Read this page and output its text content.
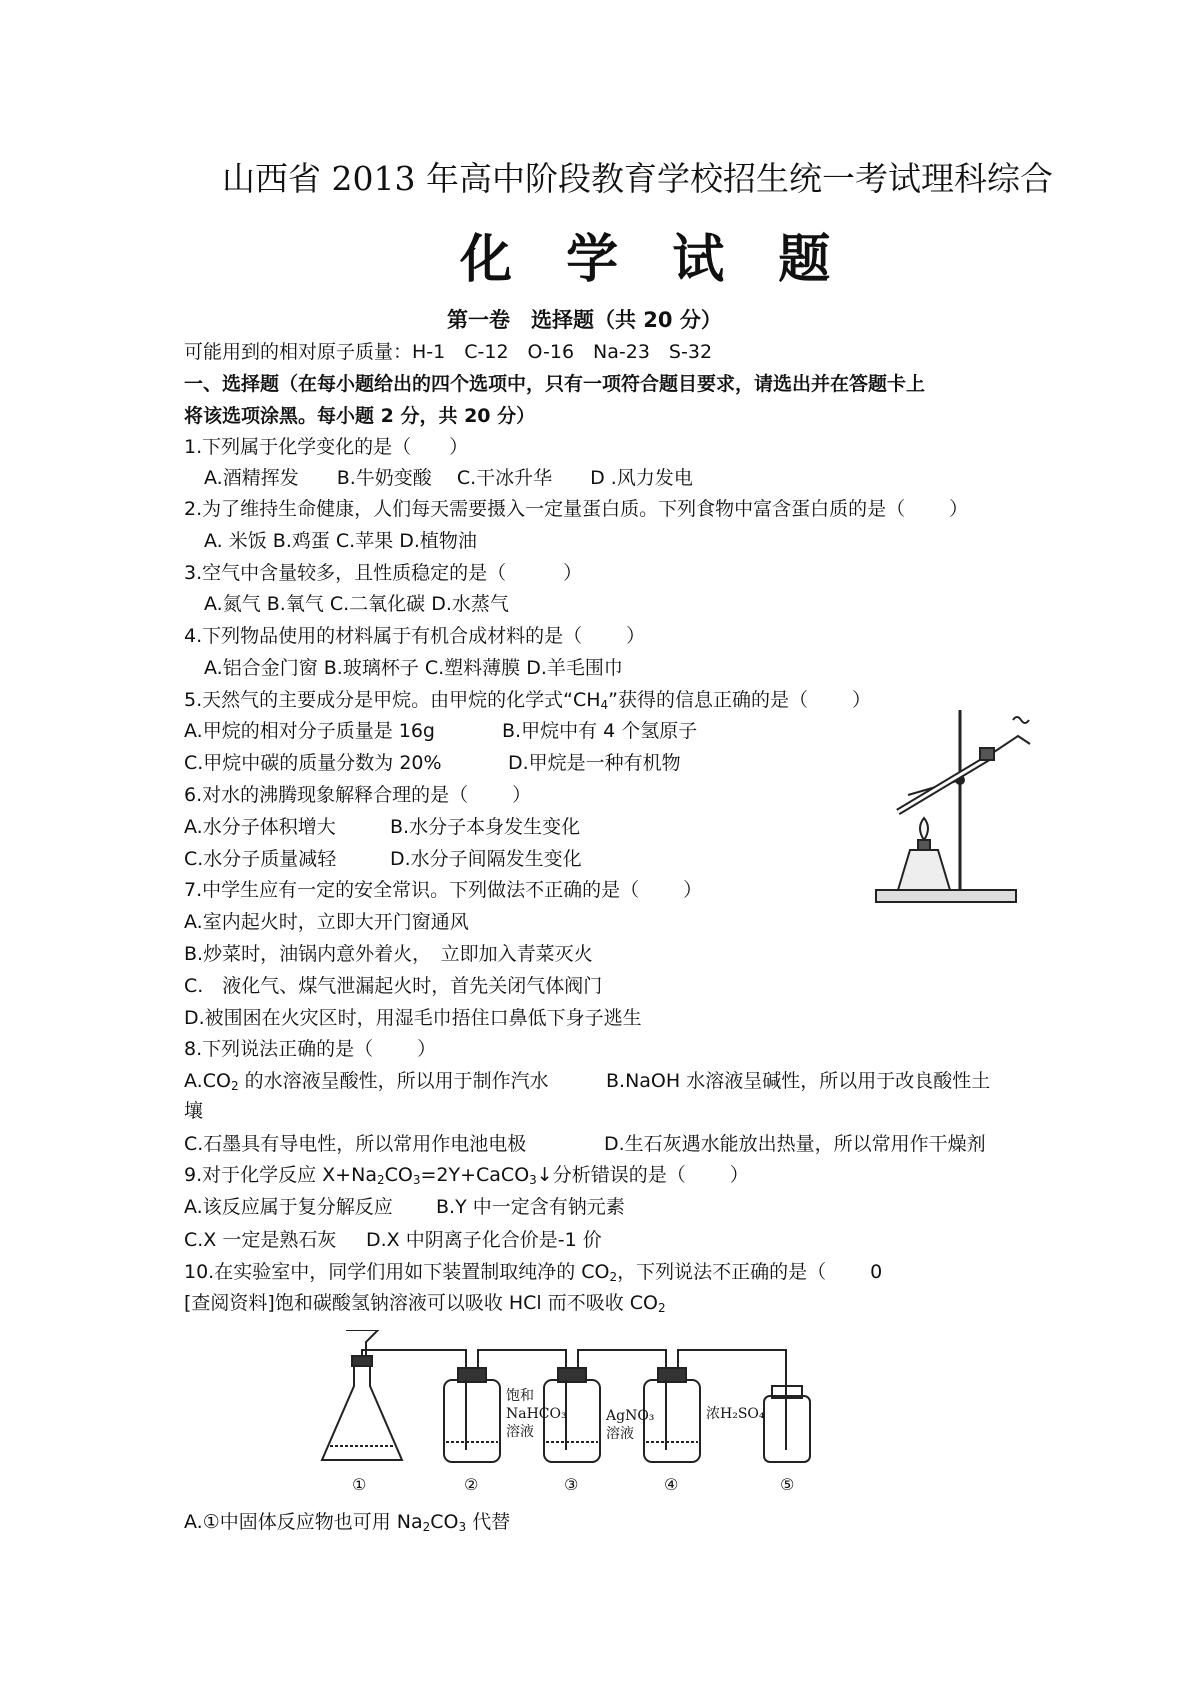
山西省 2013 年高中阶段教育学校招生统一考试理科综合
化 学 试 题
第一卷　选择题（共 20 分）
可能用到的相对原子质量：H-1　C-12　O-16　Na-23　S-32
一、选择题（在每小题给出的四个选项中，只有一项符合题目要求，请选出并在答题卡上
将该选项涂黑。每小题 2 分，共 20 分）
1.下列属于化学变化的是（　　）
A.酒精挥发　　B.牛奶变酸　 C.干冰升华　　D .风力发电
2.为了维持生命健康，人们每天需要摄入一定量蛋白质。下列食物中富含蛋白质的是（　　 ）
A. 米饭 B.鸡蛋 C.苹果 D.植物油
3.空气中含量较多，且性质稳定的是（　　　）
A.氮气 B.氧气 C.二氧化碳 D.水蒸气
4.下列物品使用的材料属于有机合成材料的是（　　 ）
A.铝合金门窗 B.玻璃杯子 C.塑料薄膜 D.羊毛围巾
5.天然气的主要成分是甲烷。由甲烷的化学式“$CH_4$”获得的信息正确的是（　　 ）
A.甲烷的相对分子质量是 16g	B.甲烷中有 4 个氢原子
C.甲烷中碳的质量分数为 20%	D.甲烷是一种有机物
6.对水的沸腾现象解释合理的是（　　 ）
A.水分子体积增大	B.水分子本身发生变化
C.水分子质量减轻	D.水分子间隔发生变化
7.中学生应有一定的安全常识。下列做法不正确的是（　　 ）
A.室内起火时，立即大开门窗通风
B.炒菜时，油锅内意外着火，　立即加入青菜灭火
C.　液化气、煤气泄漏起火时，首先关闭气体阀门
D.被围困在火灾区时，用湿毛巾捂住口鼻低下身子逃生
8.下列说法正确的是（　　 ）
$A.CO_2$ 的水溶液呈酸性，所以用于制作汽水	B.NaOH 水溶液呈碱性，所以用于改良酸性土
壤
C.石墨具有导电性，所以常用作电池电极	D.生石灰遇水能放出热量，所以常用作干燥剂
9.对于化学反应 $X+Na_2CO_3=2Y+CaCO_3↓$分析错误的是（　　 ）
A.该反应属于复分解反应 B.Y 中一定含有钠元素
C.X 一定是熟石灰 D.X 中阴离子化合价是-1 价
10.在实验室中，同学们用如下装置制取纯净的 $CO_2$，下列说法不正确的是（　　 0
[查阅资料]饱和碳酸氢钠溶液可以吸收 HCl 而不吸收 $CO_2$
A.①中固体反应物也可用 $Na_2CO_3$ 代替
饱和
NaHCO₃
溶液
AgNO₃
溶液
浓H₂SO₄
①	②	③	④	⑤
